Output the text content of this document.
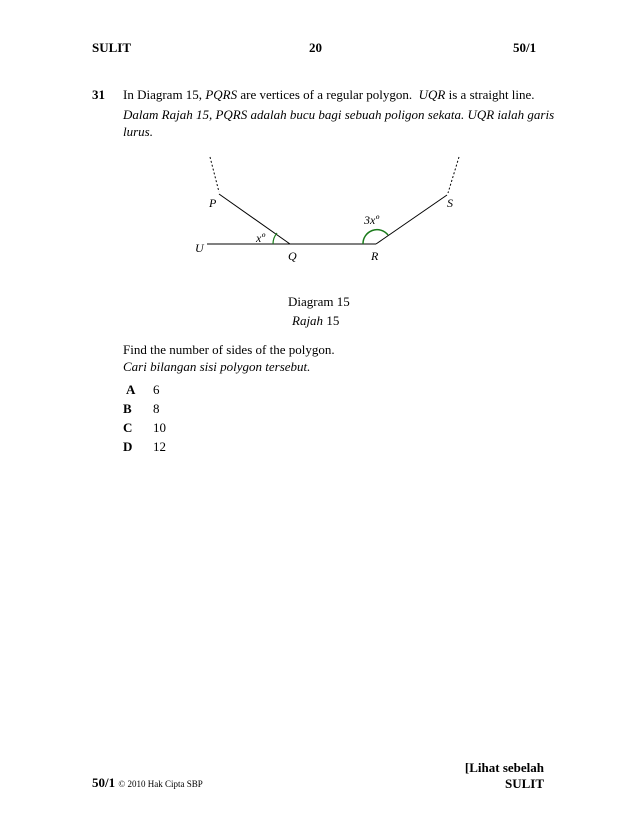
SULIT	20	50/1
31 In Diagram 15, PQRS are vertices of a regular polygon. UQR is a straight line.
Dalam Rajah 15, PQRS adalah bucu bagi sebuah poligon sekata. UQR ialah garis
lurus.
P	S
U
Q	R
xº
3xº
Diagram 15
Rajah 15
Find the number of sides of the polygon.
Cari bilangan sisi polygon tersebut.
A 6
B 8
C 10
D 12
50/1 © 2010 Hak Cipta SBP
[Lihat sebelah
SULIT
